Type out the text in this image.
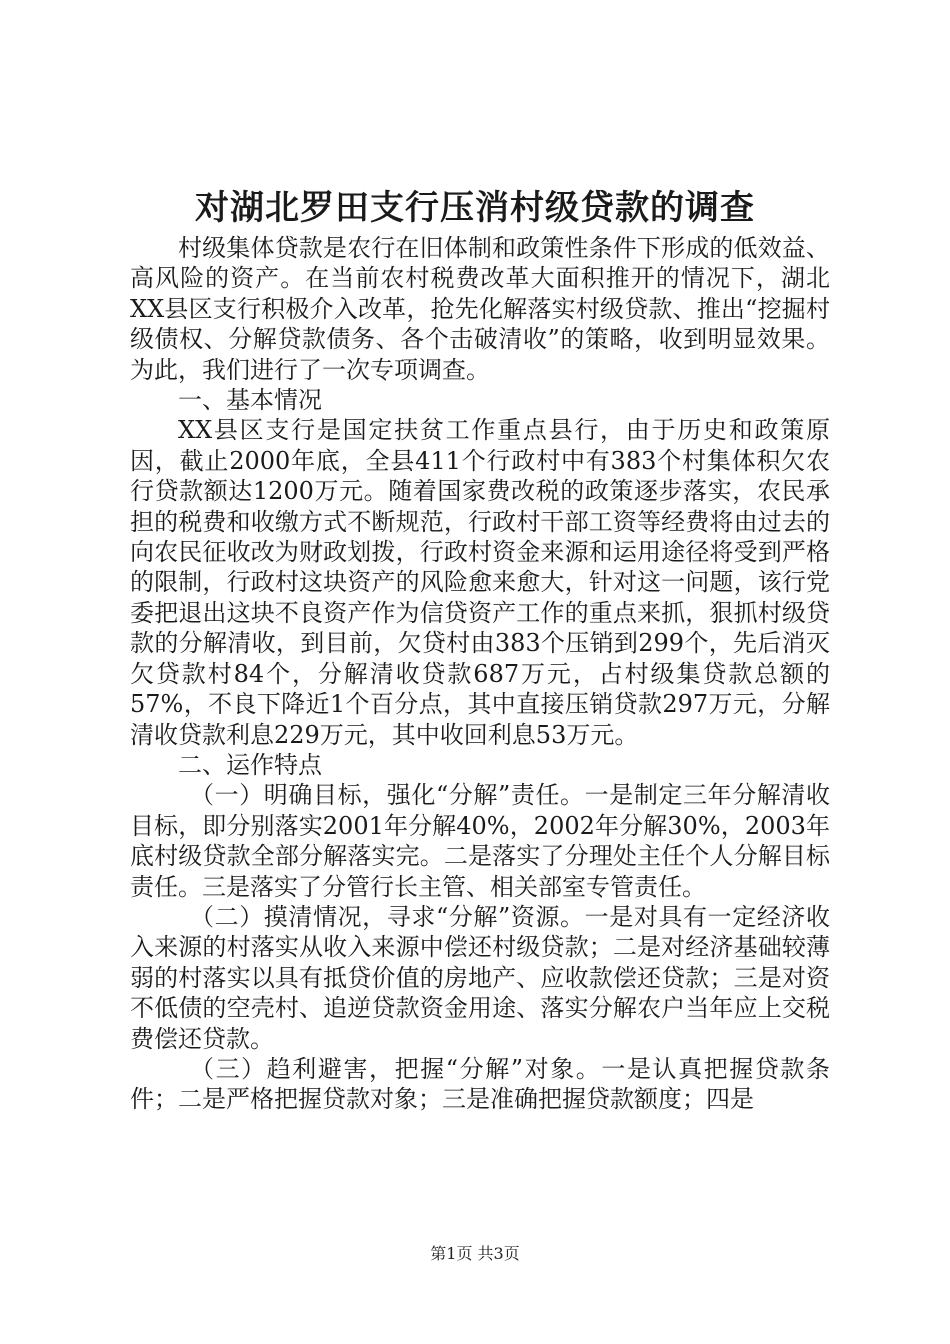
对湖北罗田支行压消村级贷款的调查

村级集体贷款是农行在旧体制和政策性条件下形成的低效益、高风险的资产。在当前农村税费改革大面积推开的情况下，湖北XX县区支行积极介入改革，抢先化解落实村级贷款、推出“挖掘村级债权、分解贷款债务、各个击破清收”的策略，收到明显效果。为此，我们进行了一次专项调查。

一、基本情况

XX县区支行是国定扶贫工作重点县行，由于历史和政策原因，截止2000年底，全县411个行政村中有383个村集体积欠农行贷款额达1200万元。随着国家费改税的政策逐步落实，农民承担的税费和收缴方式不断规范，行政村干部工资等经费将由过去的向农民征收改为财政划拨，行政村资金来源和运用途径将受到严格的限制，行政村这块资产的风险愈来愈大，针对这一问题，该行党委把退出这块不良资产作为信贷资产工作的重点来抓，狠抓村级贷款的分解清收，到目前，欠贷村由383个压销到299个，先后消灭欠贷款村84个，分解清收贷款687万元，占村级集贷款总额的57%，不良下降近1个百分点，其中直接压销贷款297万元，分解清收贷款利息229万元，其中收回利息53万元。

二、运作特点

（一）明确目标，强化“分解”责任。一是制定三年分解清收目标，即分别落实2001年分解40%，2002年分解30%，2003年底村级贷款全部分解落实完。二是落实了分理处主任个人分解目标责任。三是落实了分管行长主管、相关部室专管责任。

（二）摸清情况，寻求“分解”资源。一是对具有一定经济收入来源的村落实从收入来源中偿还村级贷款；二是对经济基础较薄弱的村落实以具有抵贷价值的房地产、应收款偿还贷款；三是对资不低债的空壳村、追逆贷款资金用途、落实分解农户当年应上交税费偿还贷款。

（三）趋利避害，把握“分解”对象。一是认真把握贷款条件；二是严格把握贷款对象；三是准确把握贷款额度；四是

第1页 共3页
